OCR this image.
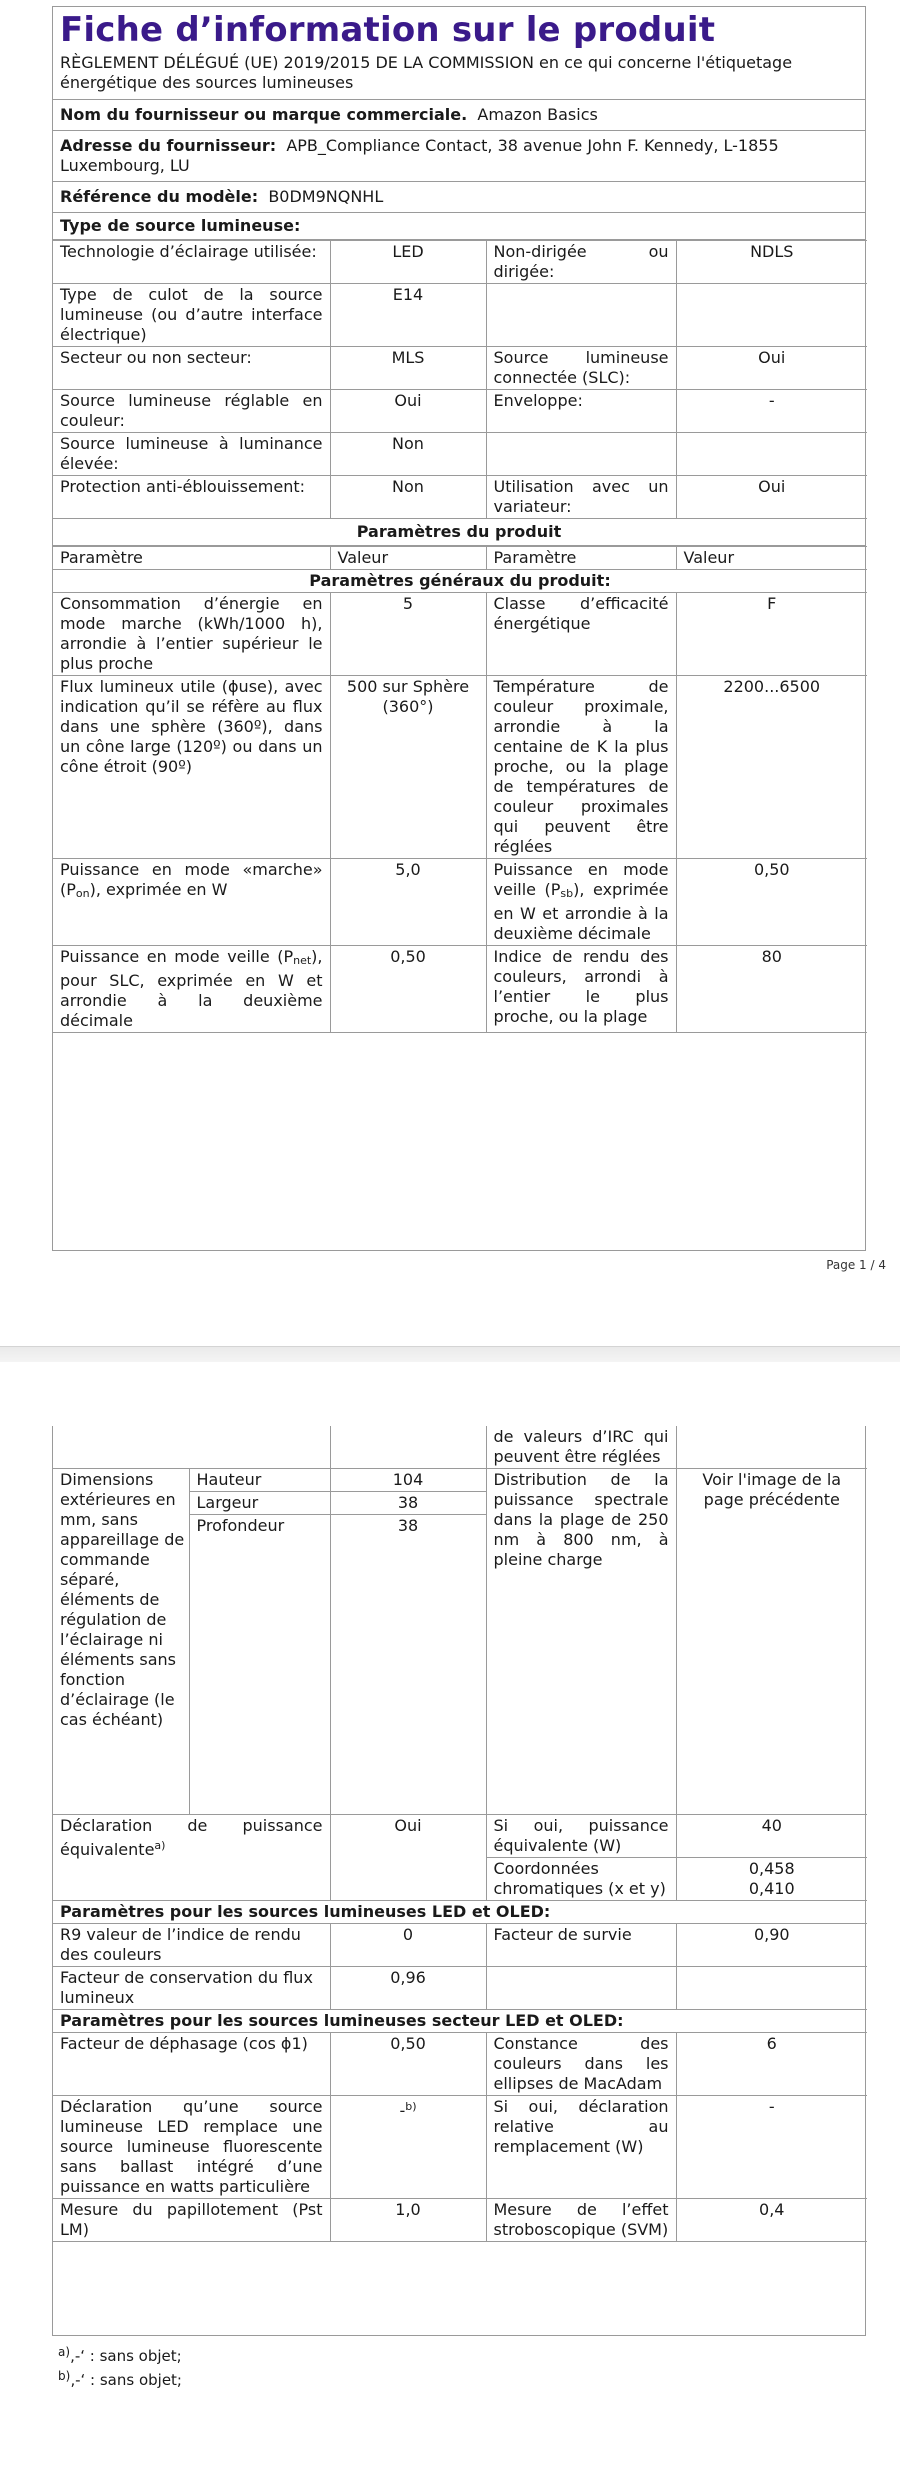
Fiche d’information sur le produit
RÈGLEMENT DÉLÉGUÉ (UE) 2019/2015 DE LA COMMISSION en ce qui concerne l'étiquetage énergétique des sources lumineuses
Nom du fournisseur ou marque commerciale. Amazon Basics
Adresse du fournisseur: APB_Compliance Contact, 38 avenue John F. Kennedy, L-1855 Luxembourg, LU
Référence du modèle: B0DM9NQNHL
Type de source lumineuse:
Technologie d’éclairage utilisée:	LED	Non-dirigée ou dirigée:	NDLS
Type de culot de la source lumineuse (ou d’autre interface électrique)	E14		
Secteur ou non secteur:	MLS	Source lumineuse connectée (SLC):	Oui
Source lumineuse réglable en couleur:	Oui	Enveloppe:	-
Source lumineuse à luminance élevée:	Non		
Protection anti-éblouissement:	Non	Utilisation avec un variateur:	Oui
Paramètres du produit
Paramètre	Valeur	Paramètre	Valeur
Paramètres généraux du produit:			
Consommation d’énergie en mode marche (kWh/1000 h), arrondie à l’entier supérieur le plus proche	5	Classe d’efficacité énergétique	F
Flux lumineux utile (ϕuse), avec indication qu’il se réfère au flux dans une sphère (360º), dans un cône large (120º) ou dans un cône étroit (90º)	500 sur Sphère (360°)	Température de couleur proximale, arrondie à la centaine de K la plus proche, ou la plage de températures de couleur proximales qui peuvent être réglées	2200...6500
Puissance en mode «marche» (Pon), exprimée en W	5,0	Puissance en mode veille (Psb), exprimée en W et arrondie à la deuxième décimale	0,50
Puissance en mode veille (Pnet), pour SLC, exprimée en W et arrondie à la deuxième décimale	0,50	Indice de rendu des couleurs, arrondi à l’entier le plus proche, ou la plage	80
Page 1 / 4
			de valeurs d’IRC qui peuvent être réglées	
Dimensions extérieures en mm, sans appareillage de commande séparé, éléments de régulation de l’éclairage ni éléments sans fonction d’éclairage (le cas échéant)	Hauteur	104	Distribution de la puissance spectrale dans la plage de 250 nm à 800 nm, à pleine charge	Voir l'image de la page précédente
	Largeur	38		
	Profondeur	38		
Déclaration de puissance équivalente$^{a)}$		Oui	Si oui, puissance équivalente (W)	40
			Coordonnées chromatiques (x et y)	0,458
0,410

Paramètres pour les sources lumineuses LED et OLED:				
R9 valeur de l’indice de rendu des couleurs		0	Facteur de survie	0,90
Facteur de conservation du flux lumineux		0,96		
Paramètres pour les sources lumineuses secteur LED et OLED:				
Facteur de déphasage (cos ϕ1)		0,50	Constance des couleurs dans les ellipses de MacAdam	6
Déclaration qu’une source lumineuse LED remplace une source lumineuse fluorescente sans ballast intégré d’une puissance en watts particulière		-$^{b)}$	Si oui, déclaration relative au remplacement (W)	-
Mesure du papillotement (Pst LM)		1,0	Mesure de l’effet stroboscopique (SVM)	0,4
$^{a)}$‚-‘ : sans objet;
$^{b)}$‚-‘ : sans objet;
